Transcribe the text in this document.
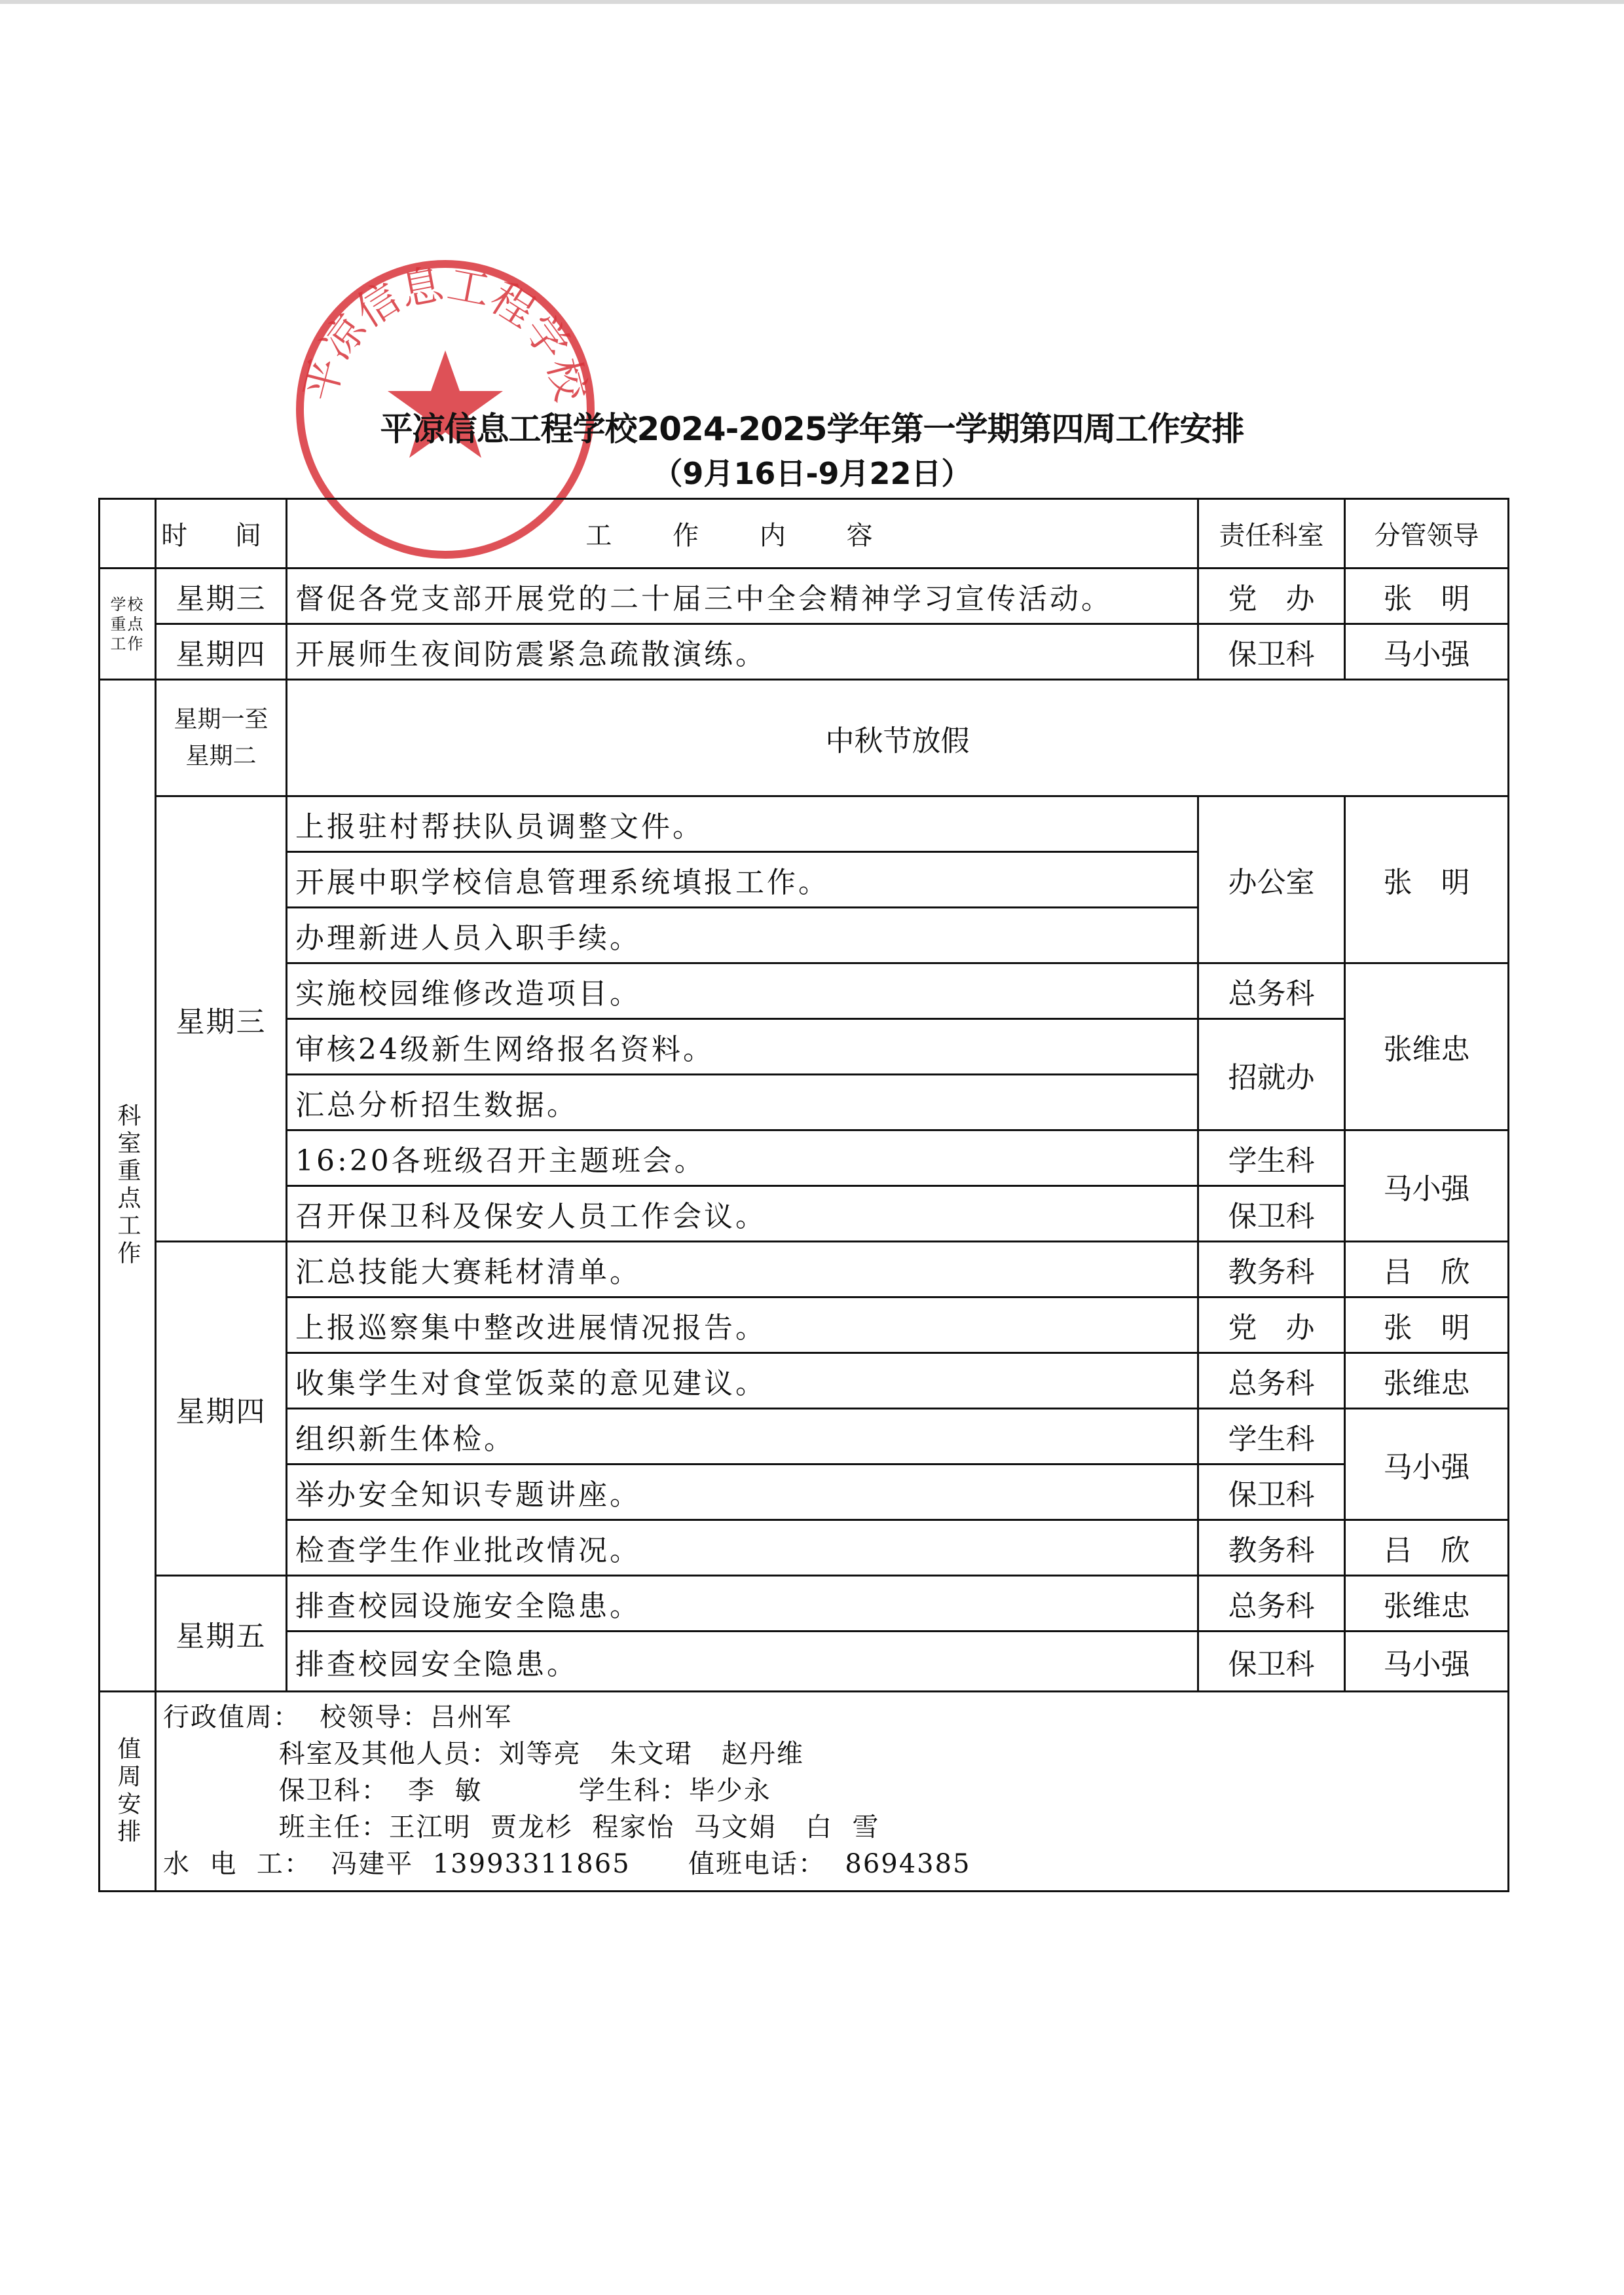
平凉信息工程学校
平凉信息工程学校2024-2025学年第一学期第四周工作安排
（9月16日-9月22日）
	时 间	工 作 内 容	责任科室	分管领导

学校重点工作	星期三	督促各党支部开展党的二十届三中全会精神学习宣传活动。	党　办	张　明
	星期四	开展师生夜间防震紧急疏散演练。	保卫科	马小强

科室重点工作	星期一至星期二	中秋节放假		
	星期三	上报驻村帮扶队员调整文件。	办公室	张　明
		开展中职学校信息管理系统填报工作。		
		办理新进人员入职手续。		
		实施校园维修改造项目。	总务科	张维忠
		审核24级新生网络报名资料。	招就办	
		汇总分析招生数据。		
		16:20各班级召开主题班会。	学生科	马小强
		召开保卫科及保安人员工作会议。	保卫科	
	星期四	汇总技能大赛耗材清单。	教务科	吕　欣
		上报巡察集中整改进展情况报告。	党　办	张　明
		收集学生对食堂饭菜的意见建议。	总务科	张维忠
		组织新生体检。	学生科	马小强
		举办安全知识专题讲座。	保卫科	
		检查学生作业批改情况。	教务科	吕　欣
	星期五	排查校园设施安全隐患。	总务科	张维忠
		排查校园安全隐患。	保卫科	马小强

值周安排	行政值周：  校领导：吕州军
科室及其他人员：刘等亮   朱文珺   赵丹维
保卫科：  李  敏          学生科：毕少永
班主任：王江明  贾龙杉  程家怡  马文娟   白  雪
水  电  工：  冯建平  13993311865      值班电话：  8694385			
